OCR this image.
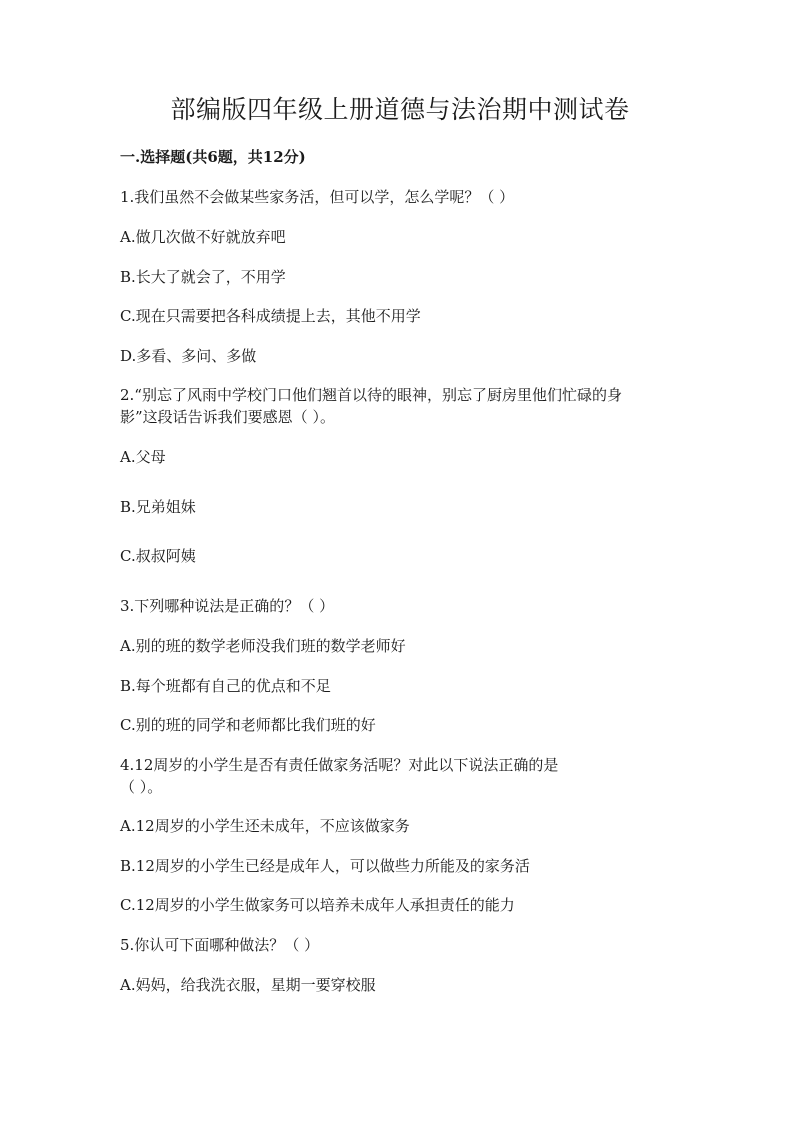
部编版四年级上册道德与法治期中测试卷
一.选择题(共6题，共12分)
1.我们虽然不会做某些家务活，但可以学，怎么学呢？（ ）
A.做几次做不好就放弃吧
B.长大了就会了，不用学
C.现在只需要把各科成绩提上去，其他不用学
D.多看、多问、多做
2.“别忘了风雨中学校门口他们翘首以待的眼神，别忘了厨房里他们忙碌的身
影”这段话告诉我们要感恩（ ）。
A.父母
B.兄弟姐妹
C.叔叔阿姨
3.下列哪种说法是正确的？（ ）
A.别的班的数学老师没我们班的数学老师好
B.每个班都有自己的优点和不足
C.别的班的同学和老师都比我们班的好
4.12周岁的小学生是否有责任做家务活呢？对此以下说法正确的是
（ ）。
A.12周岁的小学生还未成年，不应该做家务
B.12周岁的小学生已经是成年人，可以做些力所能及的家务活
C.12周岁的小学生做家务可以培养未成年人承担责任的能力
5.你认可下面哪种做法？（ ）
A.妈妈，给我洗衣服，星期一要穿校服
